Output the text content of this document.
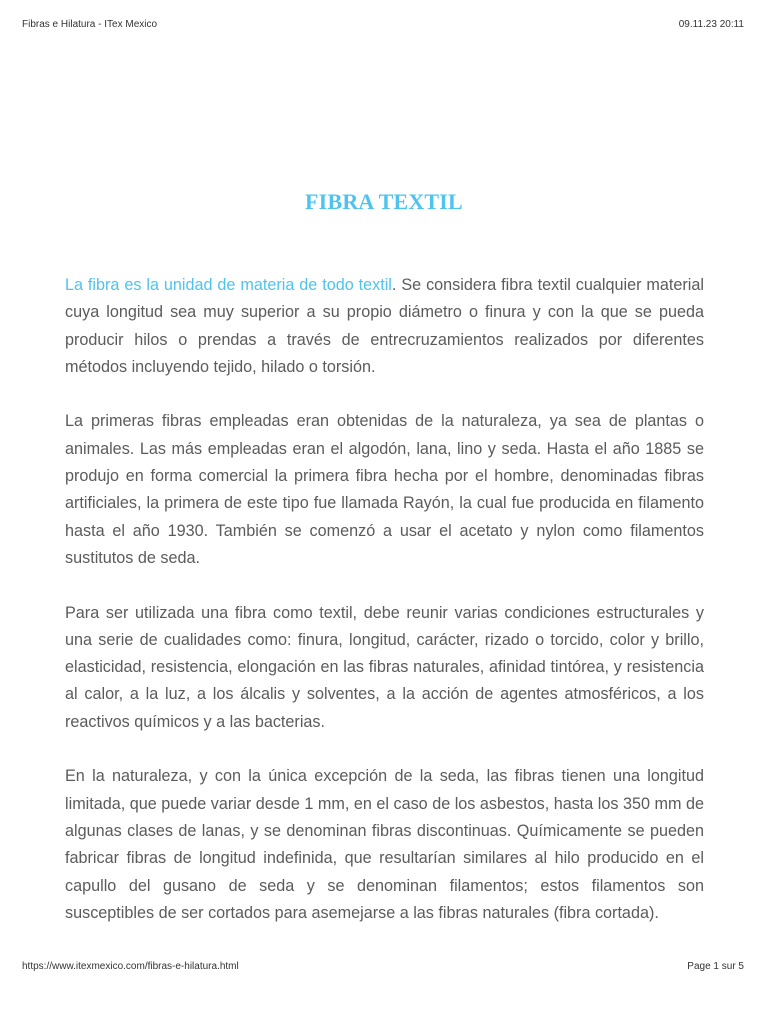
Fibras e Hilatura - ITex Mexico	09.11.23 20:11
FIBRA TEXTIL

La fibra es la unidad de materia de todo textil. Se considera fibra textil cualquier material cuya longitud sea muy superior a su propio diámetro o finura y con la que se pueda producir hilos o prendas a través de entrecruzamientos realizados por diferentes métodos incluyendo tejido, hilado o torsión.

La primeras fibras empleadas eran obtenidas de la naturaleza, ya sea de plantas o animales. Las más empleadas eran el algodón, lana, lino y seda. Hasta el año 1885 se produjo en forma comercial la primera fibra hecha por el hombre, denominadas fibras artificiales, la primera de este tipo fue llamada Rayón, la cual fue producida en filamento hasta el año 1930. También se comenzó a usar el acetato y nylon como filamentos sustitutos de seda.

Para ser utilizada una fibra como textil, debe reunir varias condiciones estructurales y una serie de cualidades como: finura, longitud, carácter, rizado o torcido, color y brillo, elasticidad, resistencia, elongación en las fibras naturales, afinidad tintórea, y resistencia al calor, a la luz, a los álcalis y solventes, a la acción de agentes atmosféricos, a los reactivos químicos y a las bacterias.

En la naturaleza, y con la única excepción de la seda, las fibras tienen una longitud limitada, que puede variar desde 1 mm, en el caso de los asbestos, hasta los 350 mm de algunas clases de lanas, y se denominan fibras discontinuas. Químicamente se pueden fabricar fibras de longitud indefinida, que resultarían similares al hilo producido en el capullo del gusano de seda y se denominan filamentos; estos filamentos son susceptibles de ser cortados para asemejarse a las fibras naturales (fibra cortada).

https://www.itexmexico.com/fibras-e-hilatura.html	Page 1 sur 5
